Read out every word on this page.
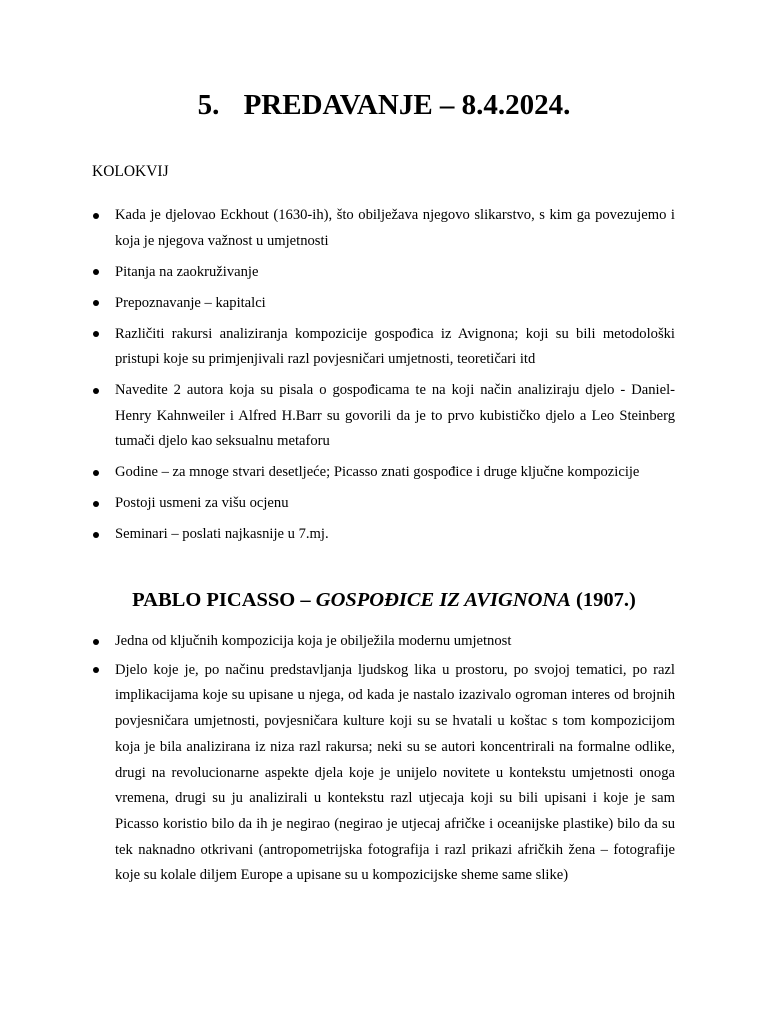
5. PREDAVANJE – 8.4.2024.

KOLOKVIJ

Kada je djelovao Eckhout (1630-ih), što obilježava njegovo slikarstvo, s kim ga povezujemo i koja je njegova važnost u umjetnosti
Pitanja na zaokruživanje
Prepoznavanje – kapitalci
Različiti rakursi analiziranja kompozicije gospođica iz Avignona; koji su bili metodološki pristupi koje su primjenjivali razl povjesničari umjetnosti, teoretičari itd
Navedite 2 autora koja su pisala o gospođicama te na koji način analiziraju djelo - Daniel-Henry Kahnweiler i Alfred H.Barr su govorili da je to prvo kubističko djelo a Leo Steinberg tumači djelo kao seksualnu metaforu
Godine – za mnoge stvari desetljeće; Picasso znati gospođice i druge ključne kompozicije
Postoji usmeni za višu ocjenu
Seminari – poslati najkasnije u 7.mj.
PABLO PICASSO – GOSPOĐICE IZ AVIGNONA (1907.)
Jedna od ključnih kompozicija koja je obilježila modernu umjetnost
Djelo koje je, po načinu predstavljanja ljudskog lika u prostoru, po svojoj tematici, po razl implikacijama koje su upisane u njega, od kada je nastalo izazivalo ogroman interes od brojnih povjesničara umjetnosti, povjesničara kulture koji su se hvatali u koštac s tom kompozicijom koja je bila analizirana iz niza razl rakursa; neki su se autori koncentrirali na formalne odlike, drugi na revolucionarne aspekte djela koje je unijelo novitete u kontekstu umjetnosti onoga vremena, drugi su ju analizirali u kontekstu razl utjecaja koji su bili upisani i koje je sam Picasso koristio bilo da ih je negirao (negirao je utjecaj afričke i oceanijske plastike) bilo da su tek naknadno otkrivani (antropometrijska fotografija i razl prikazi afričkih žena – fotografije koje su kolale diljem Europe a upisane su u kompozicijske sheme same slike)
